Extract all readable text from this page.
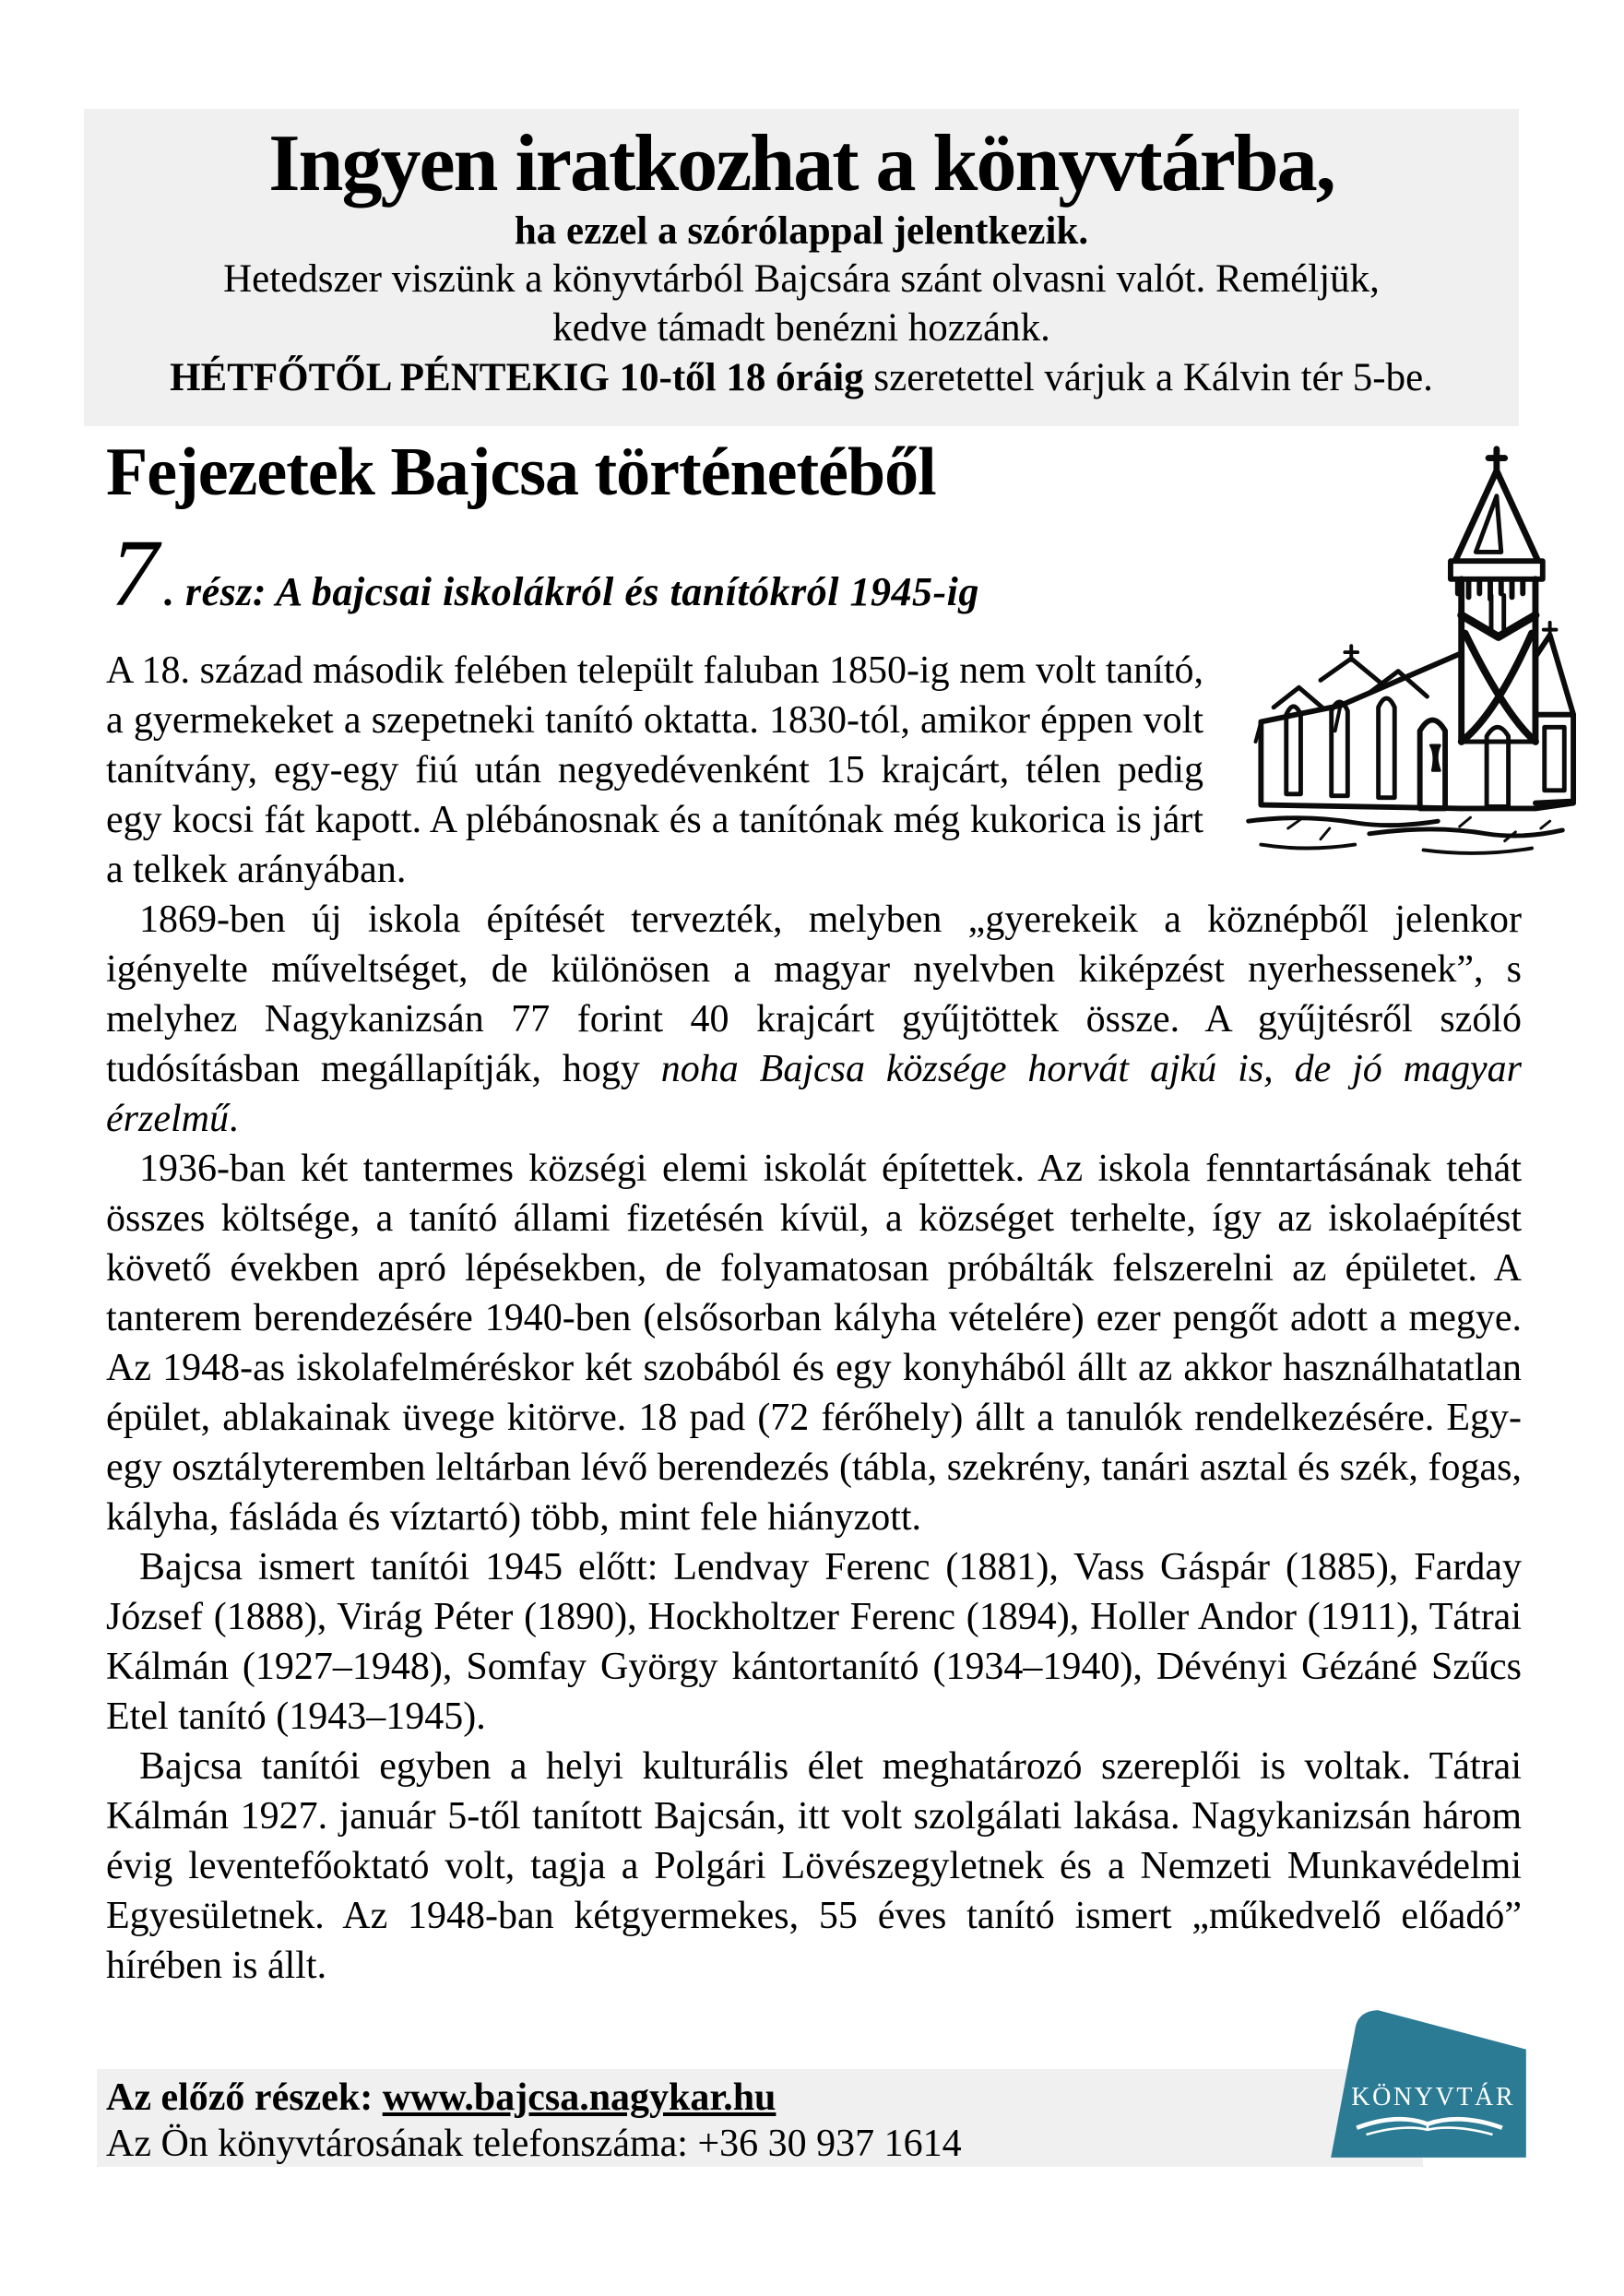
Ingyen iratkozhat a könyvtárba,
ha ezzel a szórólappal jelentkezik.
Hetedszer viszünk a könyvtárból Bajcsára szánt olvasni valót. Reméljük, kedve támadt benézni hozzánk.
HÉTFŐTŐL PÉNTEKIG 10-től 18 óráig szeretettel várjuk a Kálvin tér 5-be.
Fejezetek Bajcsa történetéből
7 . rész: A bajcsai iskolákról és tanítókról 1945-ig

A 18. század második felében települt faluban 1850-ig nem volt tanító, a gyermekeket a szepetneki tanító oktatta. 1830-tól, amikor éppen volt tanítvány, egy-egy fiú után negyedévenként 15 krajcárt, télen pedig egy kocsi fát kapott. A plébánosnak és a tanítónak még kukorica is járt a telkek arányában.

1869-ben új iskola építését tervezték, melyben „gyerekeik a köznépből jelenkor igényelte műveltséget, de különösen a magyar nyelvben kiképzést nyerhessenek”, s melyhez Nagykanizsán 77 forint 40 krajcárt gyűjtöttek össze. A gyűjtésről szóló tudósításban megállapítják, hogy noha Bajcsa községe horvát ajkú is, de jó magyar érzelmű.

1936-ban két tantermes községi elemi iskolát építettek. Az iskola fenntartásának tehát összes költsége, a tanító állami fizetésén kívül, a községet terhelte, így az iskolaépítést követő években apró lépésekben, de folyamatosan próbálták felszerelni az épületet. A tanterem berendezésére 1940-ben (elsősorban kályha vételére) ezer pengőt adott a megye. Az 1948-as iskolafelméréskor két szobából és egy konyhából állt az akkor használhatatlan épület, ablakainak üvege kitörve. 18 pad (72 férőhely) állt a tanulók rendelkezésére. Egy-egy osztályteremben leltárban lévő berendezés (tábla, szekrény, tanári asztal és szék, fogas, kályha, fásláda és víztartó) több, mint fele hiányzott.

Bajcsa ismert tanítói 1945 előtt: Lendvay Ferenc (1881), Vass Gáspár (1885), Farday József (1888), Virág Péter (1890), Hockholtzer Ferenc (1894), Holler Andor (1911), Tátrai Kálmán (1927–1948), Somfay György kántortanító (1934–1940), Dévényi Gézáné Szűcs Etel tanító (1943–1945).

Bajcsa tanítói egyben a helyi kulturális élet meghatározó szereplői is voltak. Tátrai Kálmán 1927. január 5-től tanított Bajcsán, itt volt szolgálati lakása. Nagykanizsán három évig leventefőoktató volt, tagja a Polgári Lövészegyletnek és a Nemzeti Munkavédelmi Egyesületnek. Az 1948-ban kétgyermekes, 55 éves tanító ismert „műkedvelő előadó” hírében is állt.

Az előző részek: www.bajcsa.nagykar.hu
Az Ön könyvtárosának telefonszáma: +36 30 937 1614
KÖNYVTÁR
